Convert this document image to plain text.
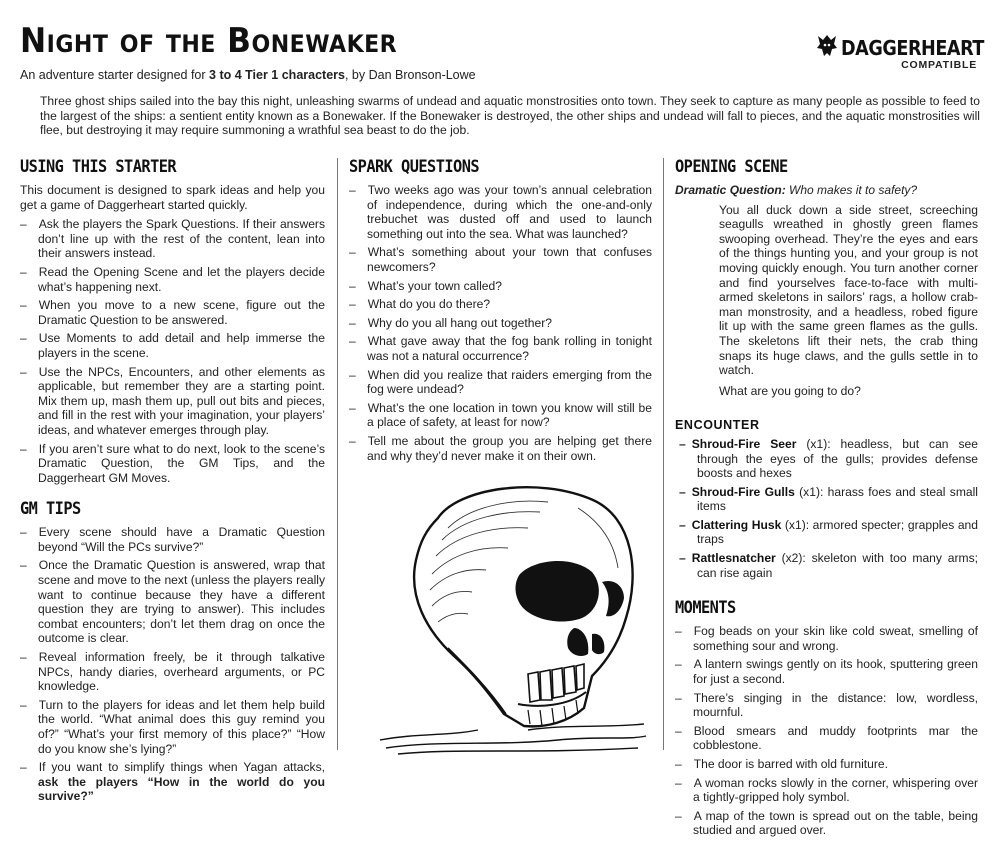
Night of the Bonewaker
An adventure starter designed for 3 to 4 Tier 1 characters, by Dan Bronson-Lowe
DAGGERHEART
COMPATIBLE

Three ghost ships sailed into the bay this night, unleashing swarms of undead and aquatic monstrosities onto town. They seek to capture as many people as possible to feed to the largest of the ships: a sentient entity known as a Bonewaker. If the Bonewaker is destroyed, the other ships and undead will fall to pieces, and the aquatic monstrosities will flee, but destroying it may require summoning a wrathful sea beast to do the job.

USING THIS STARTER

This document is designed to spark ideas and help you get a game of Daggerheart started quickly.

– Ask the players the Spark Questions. If their answers don’t line up with the rest of the content, lean into their answers instead.
– Read the Opening Scene and let the players decide what’s happening next.
– When you move to a new scene, figure out the Dramatic Question to be answered.
– Use Moments to add detail and help immerse the players in the scene.
– Use the NPCs, Encounters, and other elements as applicable, but remember they are a starting point. Mix them up, mash them up, pull out bits and pieces, and fill in the rest with your imagination, your players’ ideas, and whatever emerges through play.
– If you aren’t sure what to do next, look to the scene’s Dramatic Question, the GM Tips, and the Daggerheart GM Moves.
GM TIPS
– Every scene should have a Dramatic Question beyond “Will the PCs survive?”
– Once the Dramatic Question is answered, wrap that scene and move to the next (unless the players really want to continue because they have a different question they are trying to answer). This includes combat encounters; don’t let them drag on once the outcome is clear.
– Reveal information freely, be it through talkative NPCs, handy diaries, overheard arguments, or PC knowledge.
– Turn to the players for ideas and let them help build the world. “What animal does this guy remind you of?” “What’s your first memory of this place?” “How do you know she’s lying?”
– If you want to simplify things when Yagan attacks, ask the players “How in the world do you survive?”
SPARK QUESTIONS
– Two weeks ago was your town’s annual celebration of independence, during which the one-and-only trebuchet was dusted off and used to launch something out into the sea. What was launched?
– What’s something about your town that confuses newcomers?
– What’s your town called?
– What do you do there?
– Why do you all hang out together?
– What gave away that the fog bank rolling in tonight was not a natural occurrence?
– When did you realize that raiders emerging from the fog were undead?
– What’s the one location in town you know will still be a place of safety, at least for now?
– Tell me about the group you are helping get there and why they’d never make it on their own.
OPENING SCENE
Dramatic Question: Who makes it to safety?

You all duck down a side street, screeching seagulls wreathed in ghostly green flames swooping overhead. They’re the eyes and ears of the things hunting you, and your group is not moving quickly enough. You turn another corner and find yourselves face-to-face with multi-armed skeletons in sailors’ rags, a hollow crab-man monstrosity, and a headless, robed figure lit up with the same green flames as the gulls. The skeletons lift their nets, the crab thing snaps its huge claws, and the gulls settle in to watch.

What are you going to do?

ENCOUNTER
– Shroud-Fire Seer (x1): headless, but can see through the eyes of the gulls; provides defense boosts and hexes
– Shroud-Fire Gulls (x1): harass foes and steal small items
– Clattering Husk (x1): armored specter; grapples and traps
– Rattlesnatcher (x2): skeleton with too many arms; can rise again
MOMENTS
– Fog beads on your skin like cold sweat, smelling of something sour and wrong.
– A lantern swings gently on its hook, sputtering green for just a second.
– There’s singing in the distance: low, wordless, mournful.
– Blood smears and muddy footprints mar the cobblestone.
– The door is barred with old furniture.
– A woman rocks slowly in the corner, whispering over a tightly-gripped holy symbol.
– A map of the town is spread out on the table, being studied and argued over.
